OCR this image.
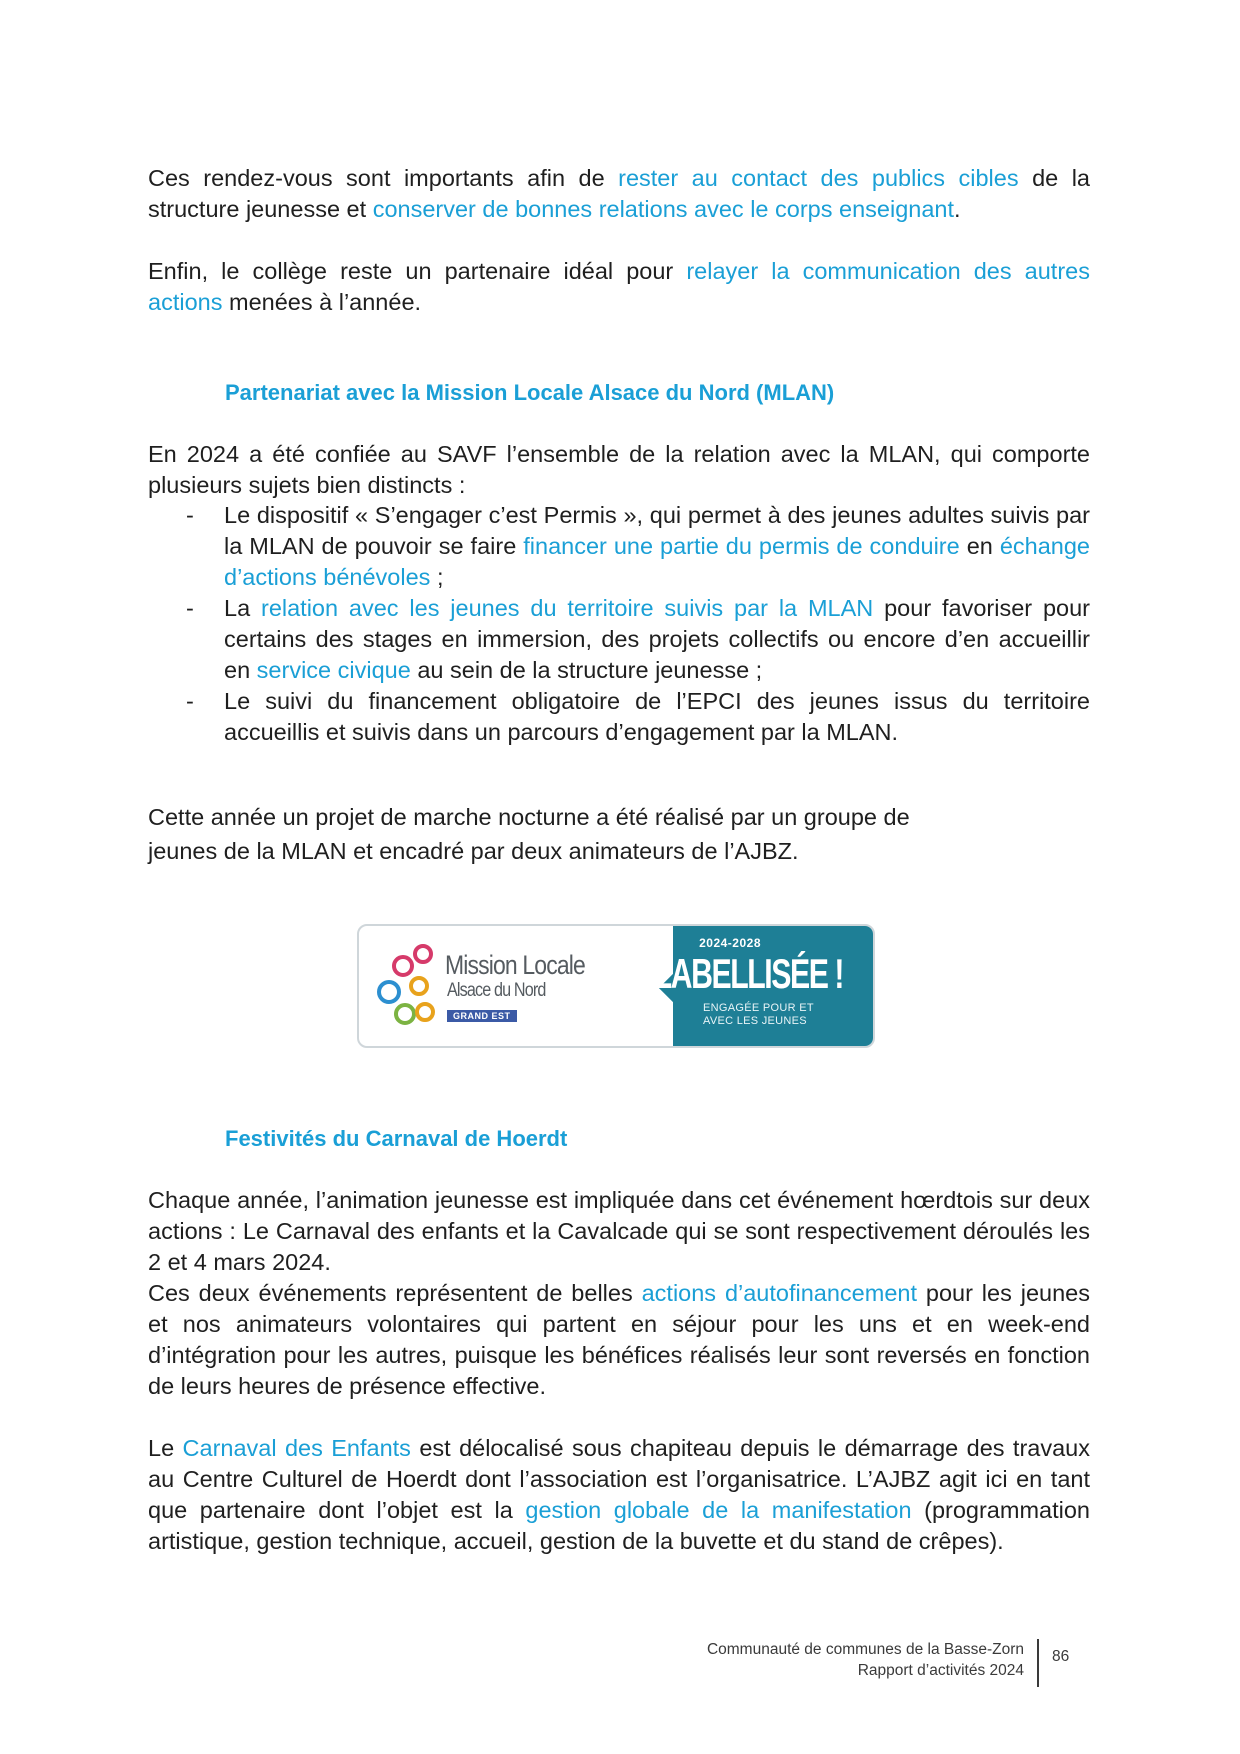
Ces rendez-vous sont importants afin de rester au contact des publics cibles de la structure jeunesse et conserver de bonnes relations avec le corps enseignant.

Enfin, le collège reste un partenaire idéal pour relayer la communication des autres actions menées à l’année.

Partenariat avec la Mission Locale Alsace du Nord (MLAN)

En 2024 a été confiée au SAVF l’ensemble de la relation avec la MLAN, qui comporte plusieurs sujets bien distincts :

- Le dispositif « S’engager c’est Permis », qui permet à des jeunes adultes suivis par la MLAN de pouvoir se faire financer une partie du permis de conduire en échange d’actions bénévoles ;
- La relation avec les jeunes du territoire suivis par la MLAN pour favoriser pour certains des stages en immersion, des projets collectifs ou encore d’en accueillir en service civique au sein de la structure jeunesse ;
- Le suivi du financement obligatoire de l’EPCI des jeunes issus du territoire accueillis et suivis dans un parcours d’engagement par la MLAN.

Cette année un projet de marche nocturne a été réalisé par un groupe de
jeunes de la MLAN et encadré par deux animateurs de l’AJBZ.

Mission Locale
Alsace du Nord
GRAND EST
2024-2028
LABELLISÉE !
ENGAGÉE POUR ET AVEC LES JEUNES
Festivités du Carnaval de Hoerdt

Chaque année, l’animation jeunesse est impliquée dans cet événement hœrdtois sur deux actions : Le Carnaval des enfants et la Cavalcade qui se sont respectivement déroulés les 2 et 4 mars 2024.

Ces deux événements représentent de belles actions d’autofinancement pour les jeunes et nos animateurs volontaires qui partent en séjour pour les uns et en week-end d’intégration pour les autres, puisque les bénéfices réalisés leur sont reversés en fonction de leurs heures de présence effective.

Le Carnaval des Enfants est délocalisé sous chapiteau depuis le démarrage des travaux au Centre Culturel de Hoerdt dont l’association est l’organisatrice. L’AJBZ agit ici en tant que partenaire dont l’objet est la gestion globale de la manifestation (programmation artistique, gestion technique, accueil, gestion de la buvette et du stand de crêpes).

Communauté de communes de la Basse-Zorn
Rapport d’activités 2024
86
